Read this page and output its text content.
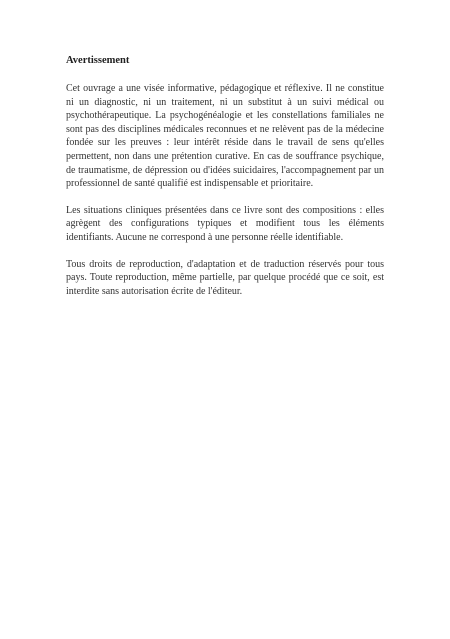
Avertissement

Cet ouvrage a une visée informative, pédagogique et réflexive. Il ne constitue ni un diagnostic, ni un traitement, ni un substitut à un suivi médical ou psychothérapeutique. La psychogénéalogie et les constellations familiales ne sont pas des disciplines médicales reconnues et ne relèvent pas de la médecine fondée sur les preuves : leur intérêt réside dans le travail de sens qu'elles permettent, non dans une prétention curative. En cas de souffrance psychique, de traumatisme, de dépression ou d'idées suicidaires, l'accompagnement par un professionnel de santé qualifié est indispensable et prioritaire.

Les situations cliniques présentées dans ce livre sont des compositions : elles agrègent des configurations typiques et modifient tous les éléments identifiants. Aucune ne correspond à une personne réelle identifiable.

Tous droits de reproduction, d'adaptation et de traduction réservés pour tous pays. Toute reproduction, même partielle, par quelque procédé que ce soit, est interdite sans autorisation écrite de l'éditeur.
